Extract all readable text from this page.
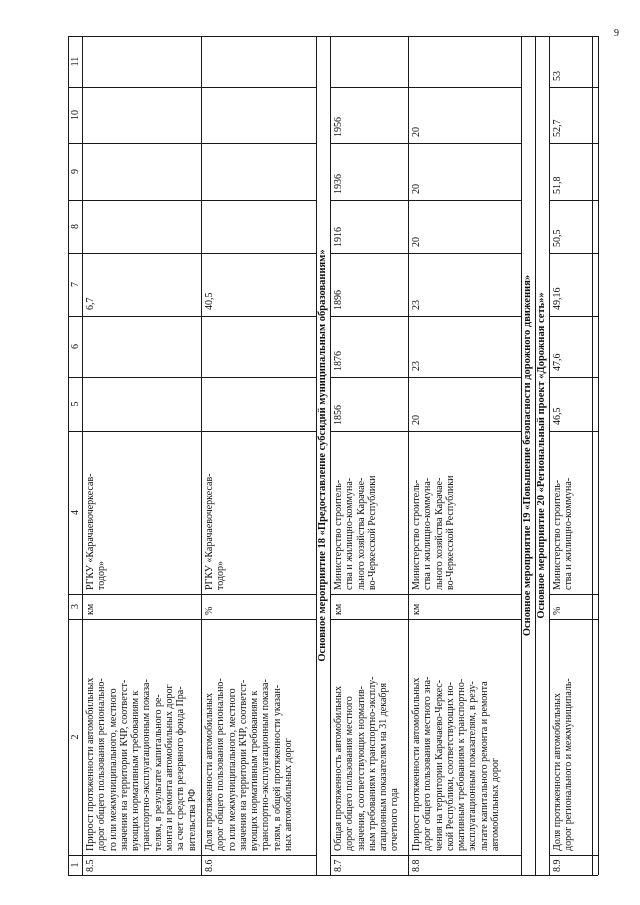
9
1
2
3
4
5
6
7
8
9
10
11
8.5
Прирост протяженности автомобильных дорог общего пользования регионально- го или межмуниципального, местного значения на территории КЧР, соответст- вующих нормативным требованиям к транспортно-эксплуатационным показа- телям, в результате капитального ре- монта и ремонта автомобильных дорог за счет средств резервного фонда Пра- вительства РФ
км
РГКУ «Карачаевочеркесав- тодор»
6,7
8.6
Доля протяженности автомобильных дорог общего пользования регионально- го или межмуниципального, местного значения на территории КЧР, соответст- вующих нормативным требованиям к транспортно-эксплуатационным показа- телям, в общей протяженности указан- ных автомобильных дорог
%
РГКУ «Карачаевочеркесав- тодор»
40,5	Основное мероприятие 18 «Предоставление субсидий муниципальным образованиям»
8.7
Общая протяженность автомобильных дорог общего пользования местного значения, соответствующих норматив- ным требованиям к транспортно-эксплу- атационным показателям на 31 декабря отчетного года
км
Министерство строитель- ства и жилищно-коммуна- льного хозяйства Карачае- во-Черкесской Республики
1856
1876
1896
1916
1936
1956
8.8
Прирост протяженности автомобильных дорог общего пользования местного зна- чения на территории Карачаево-Черкес- ской Республики, соответствующих но- рмативным требованиям к транспортно- эксплуатационным показателям, в резу- льтате капитального ремонта и ремонта автомобильных дорог
км
Министерство строитель- ства и жилищно-коммуна- льного хозяйства Карачае- во-Черкесской Республики
20
23
23
20
20
20
Основное мероприятие 19 «Повышение безопасности дорожного движения» Основное мероприятие 20 «Региональный проект «Дорожная сеть»»
8.9
Доля протяженности автомобильных дорог регионального и межмуниципаль-
%
Министерство строитель- ства и жилищно-коммуна-
46,5
47,6
49,16
50,5
51,8
52,7
53
